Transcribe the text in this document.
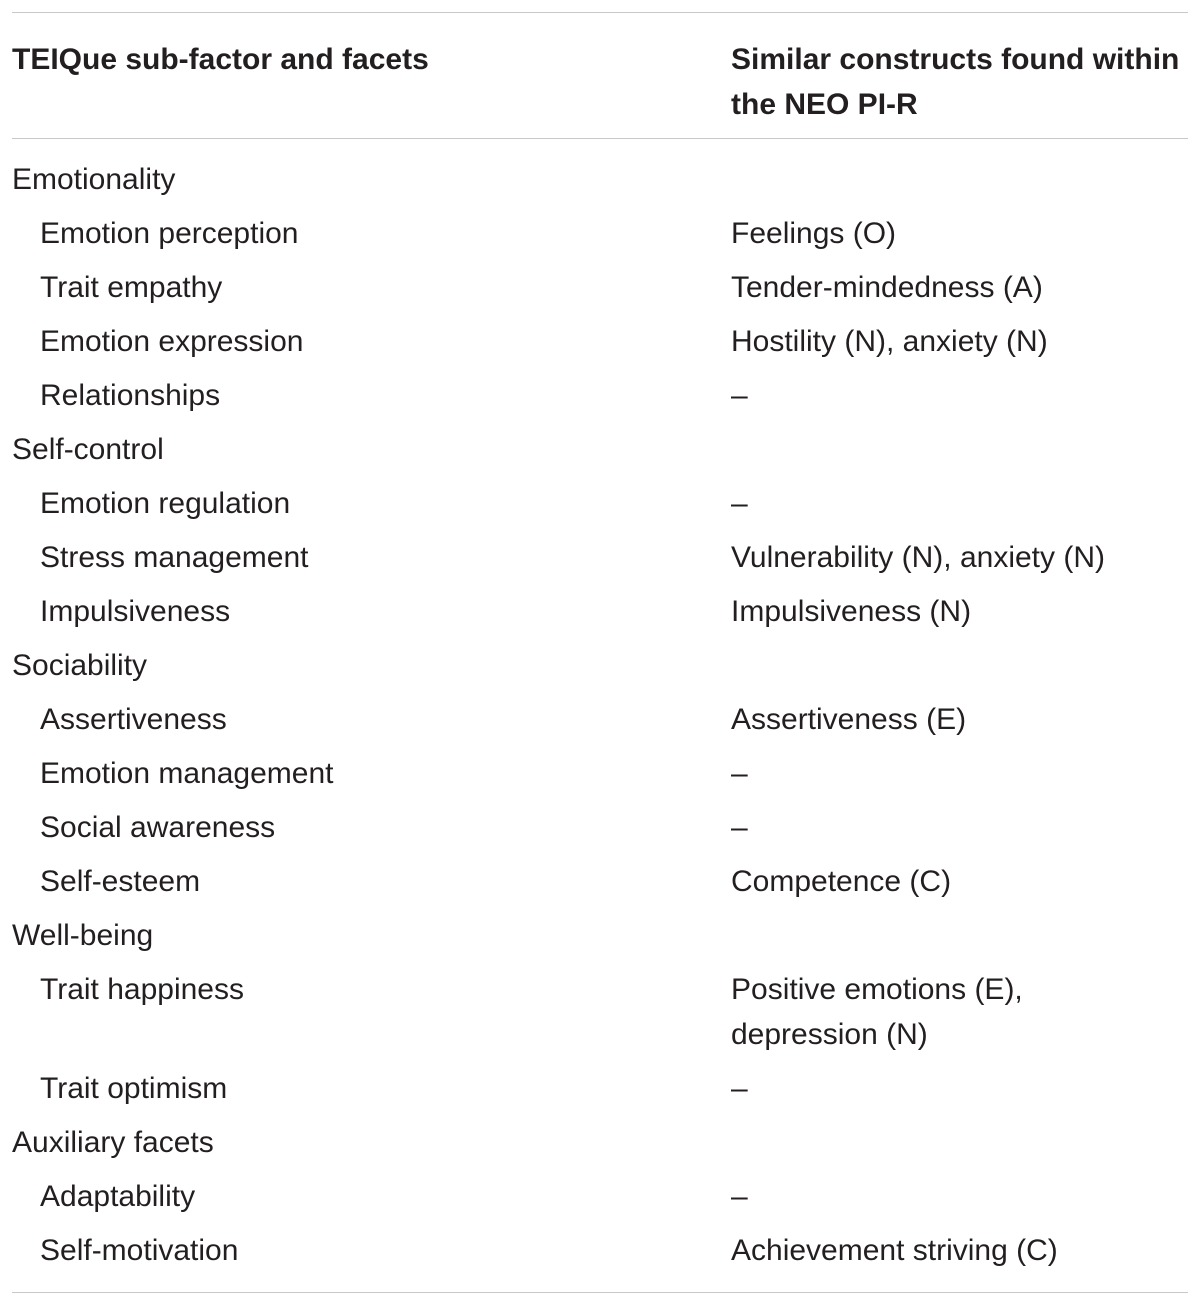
TEIQue sub-factor and facets	Similar constructs found within the NEO PI-R
Emotionality
Emotion perception	Feelings (O)
Trait empathy	Tender-mindedness (A)
Emotion expression	Hostility (N), anxiety (N)
Relationships	–
Self-control
Emotion regulation	–
Stress management	Vulnerability (N), anxiety (N)
Impulsiveness	Impulsiveness (N)
Sociability
Assertiveness	Assertiveness (E)
Emotion management	–
Social awareness	–
Self-esteem	Competence (C)
Well-being
Trait happiness	Positive emotions (E),
depression (N)
Trait optimism	–
Auxiliary facets
Adaptability	–
Self-motivation	Achievement striving (C)
